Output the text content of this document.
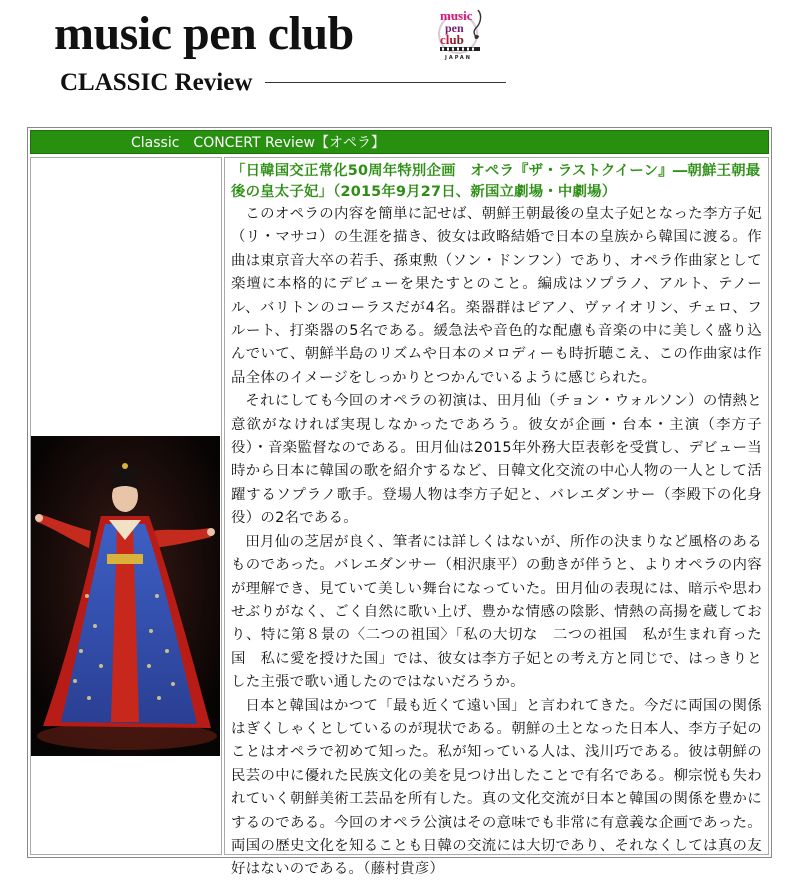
music pen club	music
pen
club
JAPAN
CLASSIC Review
Classic　CONCERT Review【オペラ】

「日韓国交正常化50周年特別企画　オペラ『ザ・ラストクイーン』―朝鮮王朝最後の皇太子妃」（2015年9月27日、新国立劇場・中劇場）

このオペラの内容を簡単に記せば、朝鮮王朝最後の皇太子妃となった李方子妃（リ・マサコ）の生涯を描き、彼女は政略結婚で日本の皇族から韓国に渡る。作曲は東京音大卒の若手、孫東勲（ソン・ドンフン）であり、オペラ作曲家として楽壇に本格的にデビューを果たすとのこと。編成はソプラノ、アルト、テノール、バリトンのコーラスだが4名。楽器群はピアノ、ヴァイオリン、チェロ、フルート、打楽器の5名である。緩急法や音色的な配慮も音楽の中に美しく盛り込んでいて、朝鮮半島のリズムや日本のメロディーも時折聴こえ、この作曲家は作品全体のイメージをしっかりとつかんでいるように感じられた。

それにしても今回のオペラの初演は、田月仙（チョン・ウォルソン）の情熱と意欲がなければ実現しなかったであろう。彼女が企画・台本・主演（李方子役）・音楽監督なのである。田月仙は2015年外務大臣表彰を受賞し、デビュー当時から日本に韓国の歌を紹介するなど、日韓文化交流の中心人物の一人として活躍するソプラノ歌手。登場人物は李方子妃と、バレエダンサー（李殿下の化身役）の2名である。

田月仙の芝居が良く、筆者には詳しくはないが、所作の決まりなど風格のあるものであった。バレエダンサー（相沢康平）の動きが伴うと、よりオペラの内容が理解でき、見ていて美しい舞台になっていた。田月仙の表現には、暗示や思わせぶりがなく、ごく自然に歌い上げ、豊かな情感の陰影、情熱の高揚を蔵しており、特に第８景の〈二つの祖国〉「私の大切な　二つの祖国　私が生まれ育った国　私に愛を授けた国」では、彼女は李方子妃との考え方と同じで、はっきりとした主張で歌い通したのではないだろうか。

日本と韓国はかつて「最も近くて遠い国」と言われてきた。今だに両国の関係はぎくしゃくとしているのが現状である。朝鮮の土となった日本人、李方子妃のことはオペラで初めて知った。私が知っている人は、浅川巧である。彼は朝鮮の民芸の中に優れた民族文化の美を見つけ出したことで有名である。柳宗悦も失われていく朝鮮美術工芸品を所有した。真の文化交流が日本と韓国の関係を豊かにするのである。今回のオペラ公演はその意味でも非常に有意義な企画であった。両国の歴史文化を知ることも日韓の交流には大切であり、それなくしては真の友好はないのである。（藤村貴彦）
